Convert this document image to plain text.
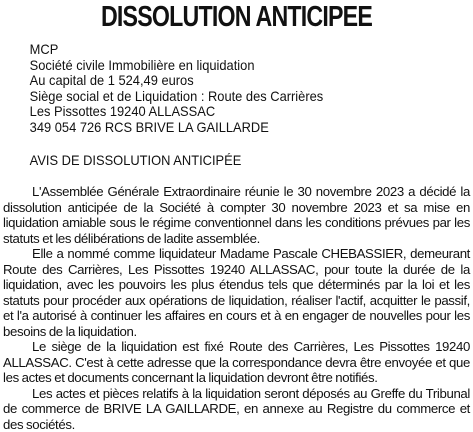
DISSOLUTION ANTICIPEE
MCP
Société civile Immobilière en liquidation
Au capital de 1 524,49 euros
Siège social et de Liquidation : Route des Carrières
Les Pissottes 19240 ALLASSAC
349 054 726 RCS BRIVE LA GAILLARDE
AVIS DE DISSOLUTION ANTICIPÉE

L'Assemblée Générale Extraordinaire réunie le 30 novembre 2023 a décidé la dissolution anticipée de la Société à compter 30 novembre 2023 et sa mise en liquidation amiable sous le régime conventionnel dans les conditions prévues par les statuts et les délibérations de ladite assemblée.

Elle a nommé comme liquidateur Madame Pascale CHEBASSIER, demeurant Route des Carrières, Les Pissottes 19240 ALLASSAC, pour toute la durée de la liquidation, avec les pouvoirs les plus étendus tels que déterminés par la loi et les statuts pour procéder aux opérations de liquidation, réaliser l'actif, acquitter le passif, et l'a autorisé à continuer les affaires en cours et à en engager de nouvelles pour les besoins de la liquidation.

Le siège de la liquidation est fixé Route des Carrières, Les Pissottes 19240 ALLASSAC. C'est à cette adresse que la correspondance devra être envoyée et que les actes et documents concernant la liquidation devront être notifiés.

Les actes et pièces relatifs à la liquidation seront déposés au Greffe du Tribunal de commerce de BRIVE LA GAILLARDE, en annexe au Registre du commerce et des sociétés.
